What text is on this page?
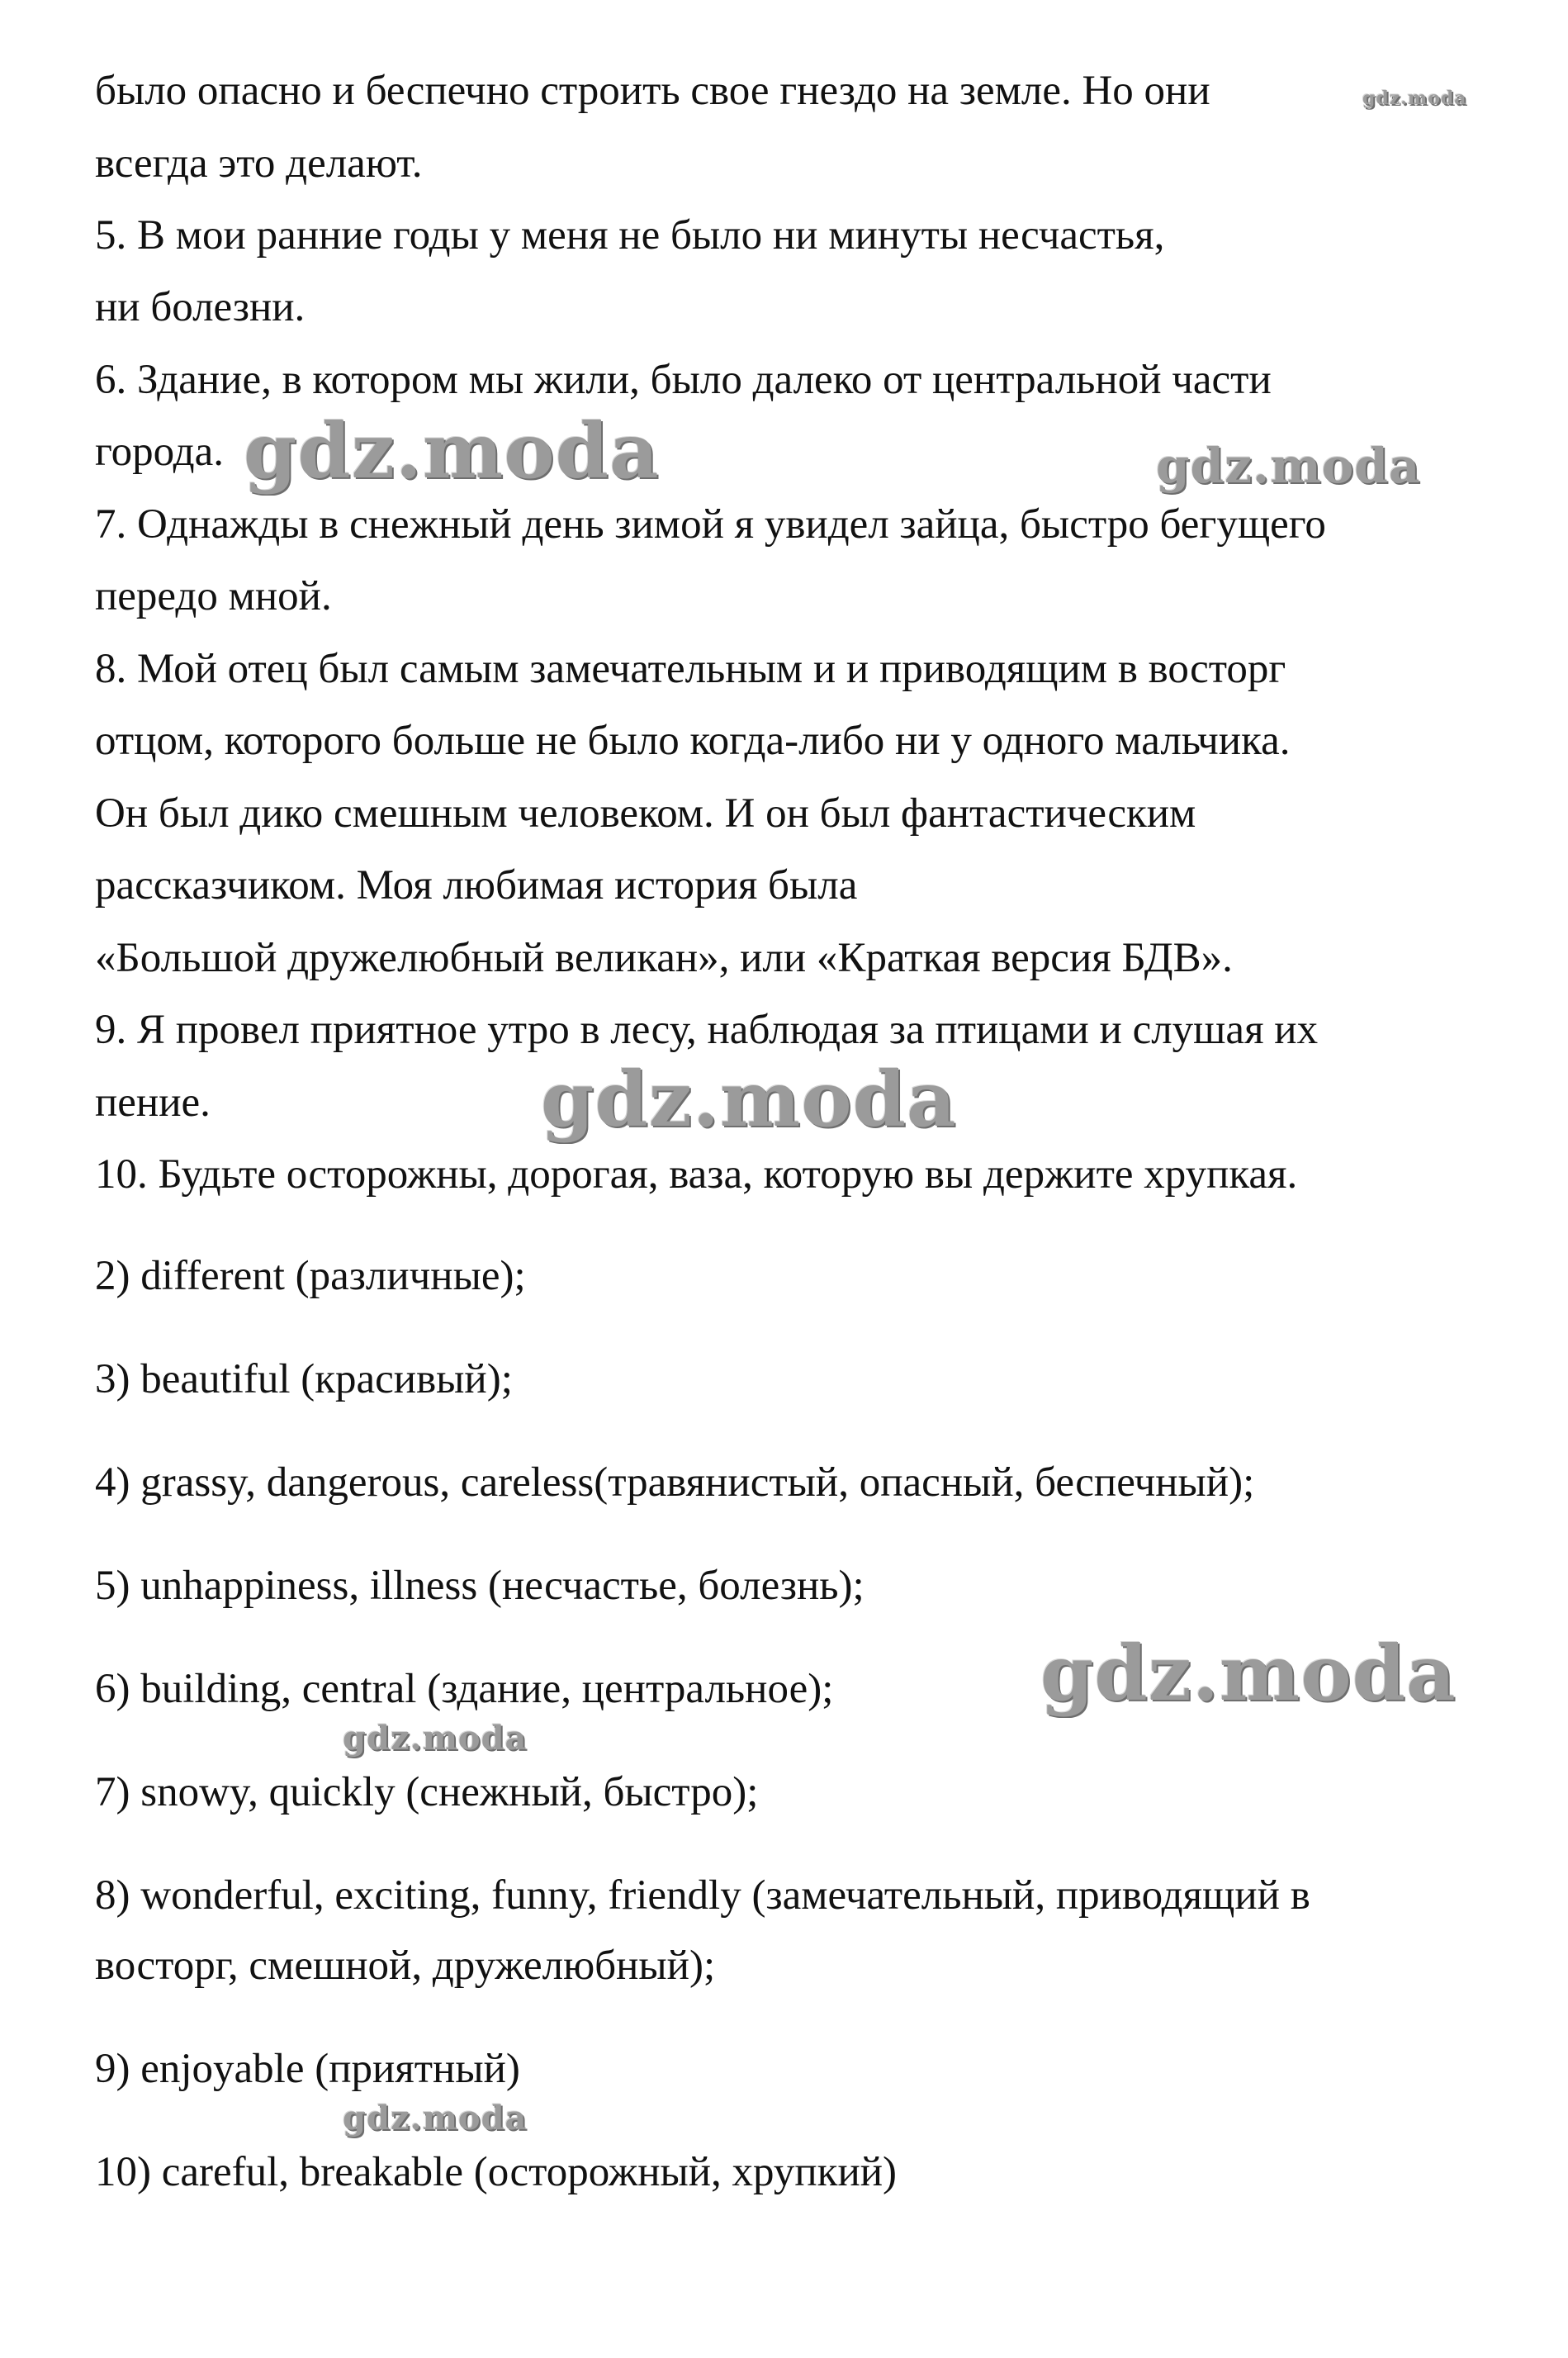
было опасно и беспечно строить свое гнездо на земле. Но они
всегда это делают.
5. В мои ранние годы у меня не было ни минуты несчастья,
ни болезни.
6. Здание, в котором мы жили, было далеко от центральной части
города.
7. Однажды в снежный день зимой я увидел зайца, быстро бегущего
передо мной.
8. Мой отец был самым замечательным и и приводящим в восторг
отцом, которого больше не было когда-либо ни у одного мальчика.
Он был дико смешным человеком. И он был фантастическим
рассказчиком. Моя любимая история была
«Большой дружелюбный великан», или «Краткая версия БДВ».
9. Я провел приятное утро в лесу, наблюдая за птицами и слушая их
пение.
10. Будьте осторожны, дорогая, ваза, которую вы держите хрупкая.
2) different (различные);
3) beautiful (красивый);
4) grassy, dangerous, careless(травянистый, опасный, беспечный);
5) unhappiness, illness (несчастье, болезнь);
6) building, central (здание, центральное);
7) snowy, quickly (снежный, быстро);
8) wonderful, exciting, funny, friendly (замечательный, приводящий в
восторг, смешной, дружелюбный);
9) enjoyable (приятный)
10) careful, breakable (осторожный, хрупкий)
gdz.moda
gdz.moda	gdz.moda
gdz.moda
gdz.moda
gdz.moda
gdz.moda
